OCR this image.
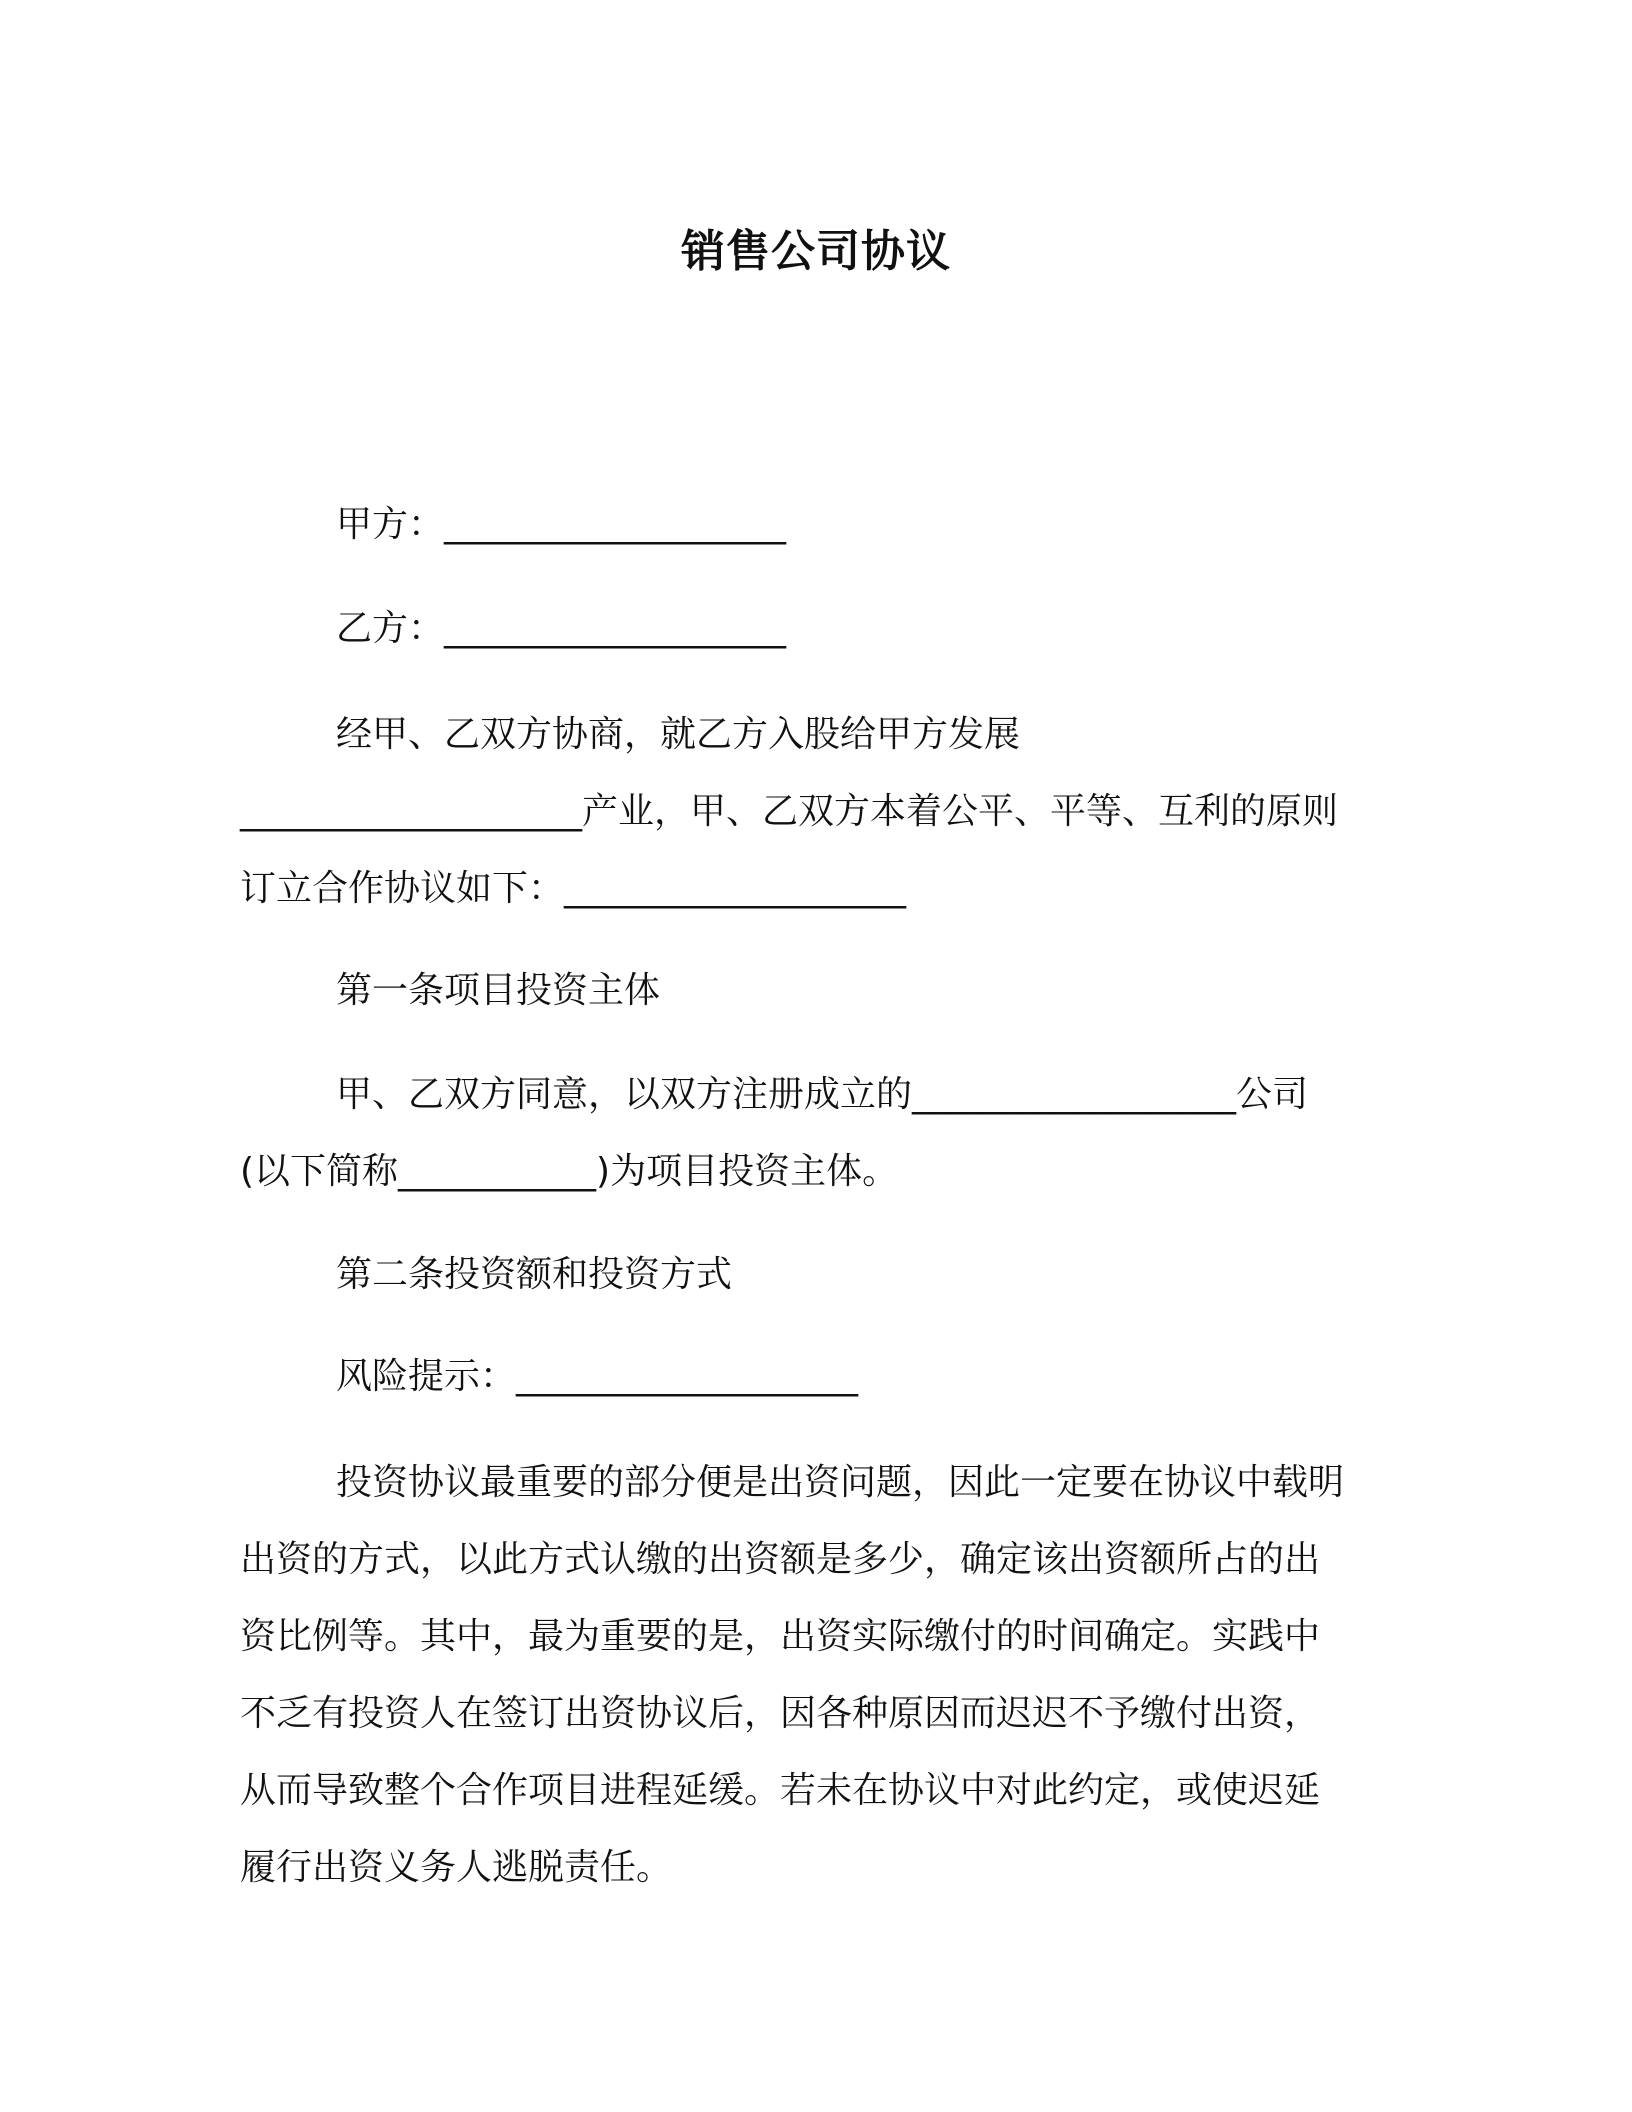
销售公司协议

甲方：___________________

乙方：___________________

经甲、乙双方协商，就乙方入股给甲方发展

___________________产业，甲、乙双方本着公平、平等、互利的原则

订立合作协议如下：___________________

第一条项目投资主体

甲、乙双方同意，以双方注册成立的__________________公司

(以下简称___________)为项目投资主体。

第二条投资额和投资方式

风险提示：___________________

投资协议最重要的部分便是出资问题，因此一定要在协议中载明

出资的方式，以此方式认缴的出资额是多少，确定该出资额所占的出

资比例等。其中，最为重要的是，出资实际缴付的时间确定。实践中

不乏有投资人在签订出资协议后，因各种原因而迟迟不予缴付出资，

从而导致整个合作项目进程延缓。若未在协议中对此约定，或使迟延

履行出资义务人逃脱责任。
